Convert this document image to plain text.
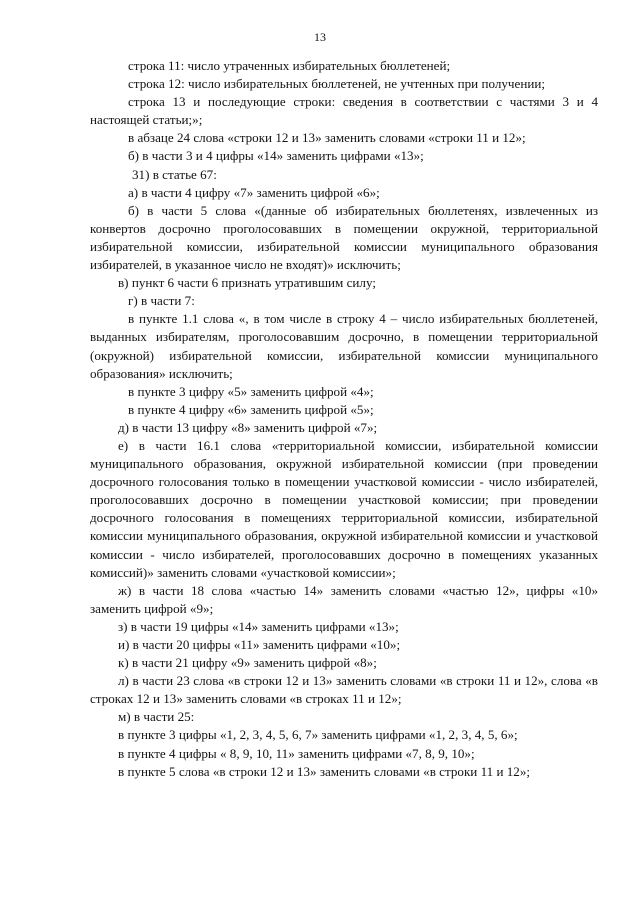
13

строка 11: число утраченных избирательных бюллетеней;

строка 12: число избирательных бюллетеней, не учтенных при получении;

строка 13 и последующие строки: сведения в соответствии с частями 3 и 4 настоящей статьи;»;

в абзаце 24 слова «строки 12 и 13» заменить словами «строки 11 и 12»;

б) в части 3 и 4 цифры «14» заменить цифрами «13»;

31) в статье 67:

а) в части 4 цифру «7» заменить цифрой «6»;

б) в части 5 слова «(данные об избирательных бюллетенях, извлеченных из конвертов досрочно проголосовавших в помещении окружной, территориальной избирательной комиссии, избирательной комиссии муниципального образования избирателей, в указанное число не входят)» исключить;

в) пункт 6 части 6 признать утратившим силу;

г) в части 7:

в пункте 1.1 слова «, в том числе в строку 4 – число избирательных бюллетеней, выданных избирателям, проголосовавшим досрочно, в помещении территориальной (окружной) избирательной комиссии, избирательной комиссии муниципального образования» исключить;

в пункте 3 цифру «5» заменить цифрой «4»;

в пункте 4 цифру «6» заменить цифрой «5»;

д) в части 13 цифру «8» заменить цифрой «7»;

е) в части 16.1 слова «территориальной комиссии, избирательной комиссии муниципального образования, окружной избирательной комиссии (при проведении досрочного голосования только в помещении участковой комиссии - число избирателей, проголосовавших досрочно в помещении участковой комиссии; при проведении досрочного голосования в помещениях территориальной комиссии, избирательной комиссии муниципального образования, окружной избирательной комиссии и участковой комиссии - число избирателей, проголосовавших досрочно в помещениях указанных комиссий)» заменить словами «участковой комиссии»;

ж) в части 18 слова «частью 14» заменить словами «частью 12», цифры «10» заменить цифрой «9»;

з) в части 19 цифры «14» заменить цифрами «13»;

и) в части 20 цифры «11» заменить цифрами «10»;

к) в части 21 цифру «9» заменить цифрой «8»;

л) в части 23 слова «в строки 12 и 13» заменить словами «в строки 11 и 12», слова «в строках 12 и 13» заменить словами «в строках 11 и 12»;

м) в части 25:

в пункте 3 цифры «1, 2, 3, 4, 5, 6, 7» заменить цифрами «1, 2, 3, 4, 5, 6»;

в пункте 4 цифры « 8, 9, 10, 11» заменить цифрами «7, 8, 9, 10»;

в пункте 5 слова «в строки 12 и 13» заменить словами «в строки 11 и 12»;
